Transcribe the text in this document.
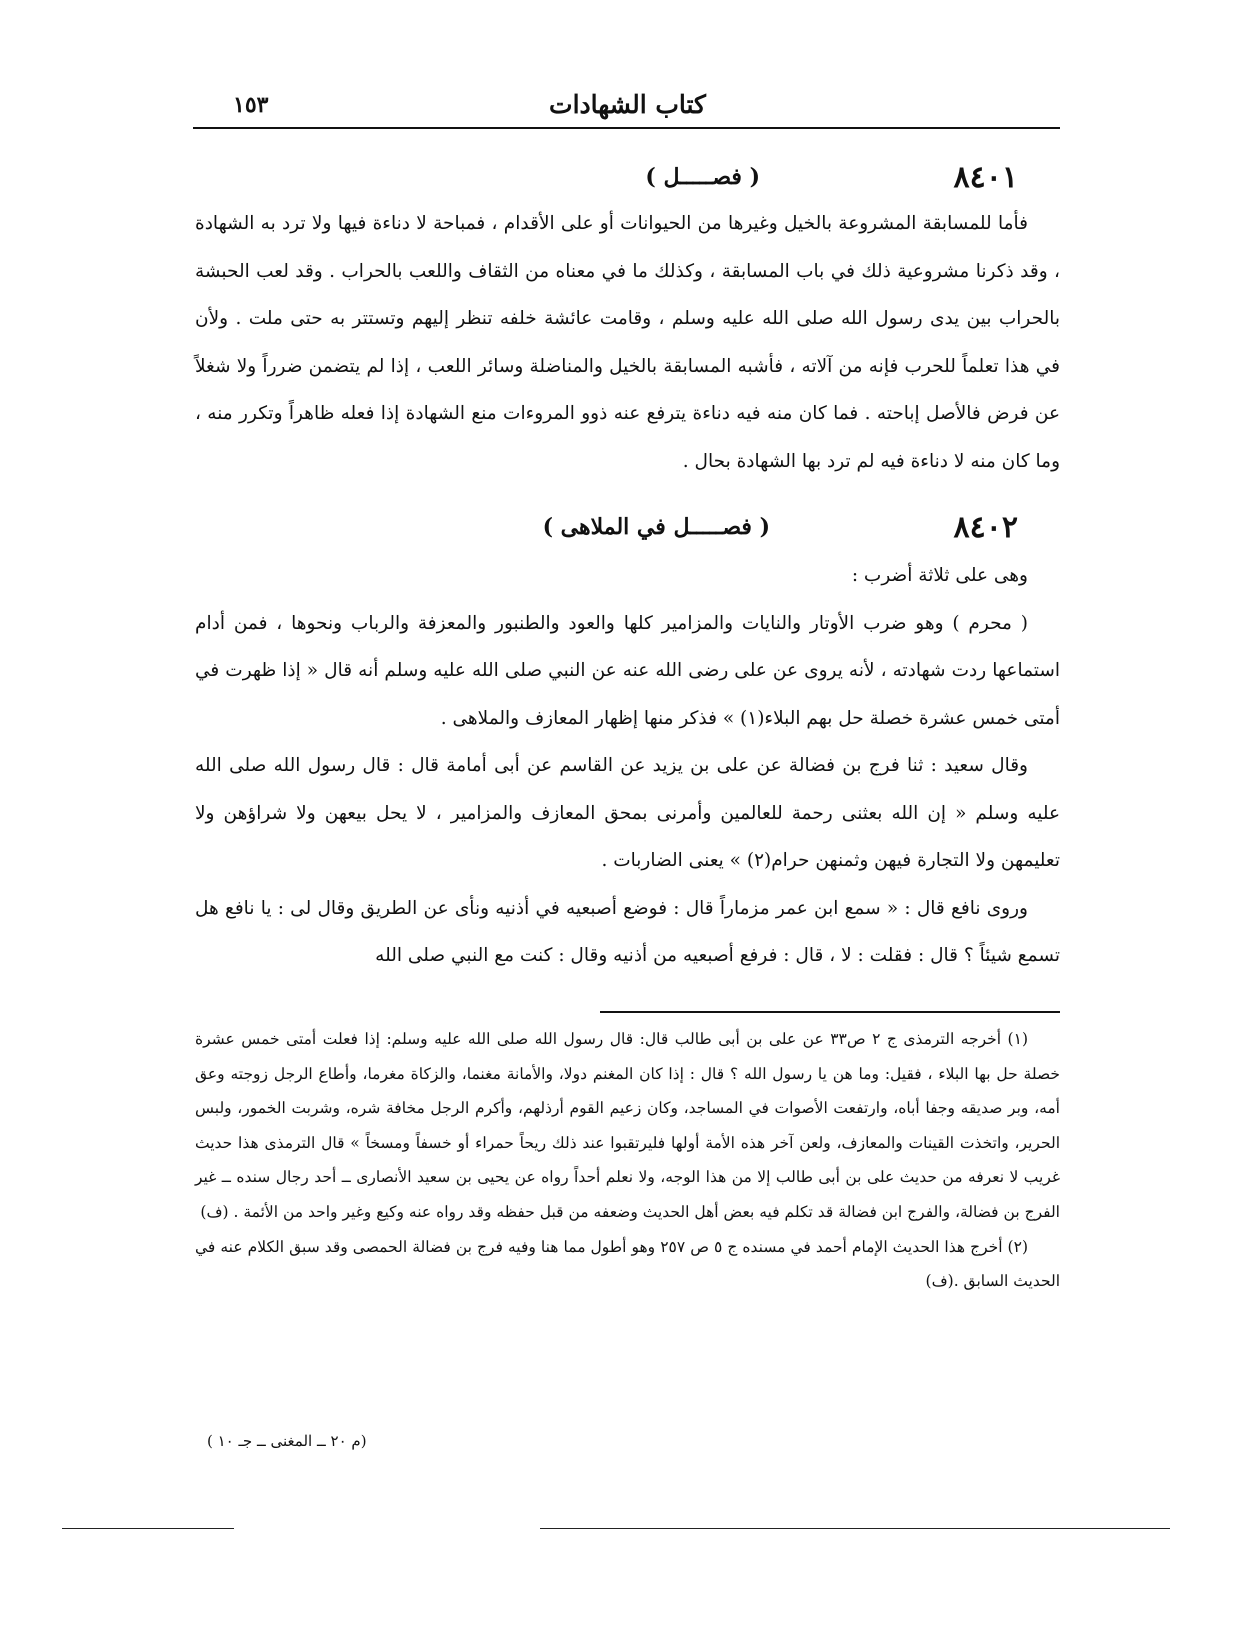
كتاب الشهادات
١٥٣
٨٤٠١
( فصـــــل )

فأما للمسابقة المشروعة بالخيل وغيرها من الحيوانات أو على الأقدام ، فمباحة لا دناءة فيها ولا ترد به الشهادة ، وقد ذكرنا مشروعية ذلك في باب المسابقة ، وكذلك ما في معناه من الثقاف واللعب بالحراب . وقد لعب الحبشة بالحراب بين يدى رسول الله صلى الله عليه وسلم ، وقامت عائشة خلفه تنظر إليهم وتستتر به حتى ملت . ولأن في هذا تعلماً للحرب فإنه من آلاته ، فأشبه المسابقة بالخيل والمناضلة وسائر اللعب ، إذا لم يتضمن ضرراً ولا شغلاً عن فرض فالأصل إباحته . فما كان منه فيه دناءة يترفع عنه ذوو المروءات منع الشهادة إذا فعله ظاهراً وتكرر منه ، وما كان منه لا دناءة فيه لم ترد بها الشهادة بحال .

٨٤٠٢
( فصـــــل في الملاهى )

وهى على ثلاثة أضرب :

( محرم ) وهو ضرب الأوتار والنايات والمزامير كلها والعود والطنبور والمعزفة والرباب ونحوها ، فمن أدام استماعها ردت شهادته ، لأنه يروى عن على رضى الله عنه عن النبي صلى الله عليه وسلم أنه قال « إذا ظهرت في أمتى خمس عشرة خصلة حل بهم البلاء(١) » فذكر منها إظهار المعازف والملاهى .

وقال سعيد : ثنا فرج بن فضالة عن على بن يزيد عن القاسم عن أبى أمامة قال : قال رسول الله صلى الله عليه وسلم « إن الله بعثنى رحمة للعالمين وأمرنى بمحق المعازف والمزامير ، لا يحل بيعهن ولا شراؤهن ولا تعليمهن ولا التجارة فيهن وثمنهن حرام(٢) » يعنى الضاربات .

وروى نافع قال : « سمع ابن عمر مزماراً قال : فوضع أصبعيه في أذنيه ونأى عن الطريق وقال لى : يا نافع هل تسمع شيئاً ؟ قال : فقلت : لا ، قال : فرفع أصبعيه من أذنيه وقال : كنت مع النبي صلى الله

(١) أخرجه الترمذى ج ٢ ص٣٣ عن على بن أبى طالب قال: قال رسول الله صلى الله عليه وسلم: إذا فعلت أمتى خمس عشرة خصلة حل بها البلاء ، فقيل: وما هن يا رسول الله ؟ قال : إذا كان المغنم دولا، والأمانة مغنما، والزكاة مغرما، وأطاع الرجل زوجته وعق أمه، وبر صديقه وجفا أباه، وارتفعت الأصوات في المساجد، وكان زعيم القوم أرذلهم، وأكرم الرجل مخافة شره، وشربت الخمور، ولبس الحرير، واتخذت القينات والمعازف، ولعن آخر هذه الأمة أولها فليرتقبوا عند ذلك ريحاً حمراء أو خسفاً ومسخاً » قال الترمذى هذا حديث غريب لا نعرفه من حديث على بن أبى طالب إلا من هذا الوجه، ولا نعلم أحداً رواه عن يحيى بن سعيد الأنصارى ــ أحد رجال سنده ــ غير الفرج بن فضالة، والفرج ابن فضالة قد تكلم فيه بعض أهل الحديث وضعفه من قبل حفظه وقد رواه عنه وكيع وغير واحد من الأئمة . (ف)

(٢) أخرج هذا الحديث الإمام أحمد في مسنده ج ٥ ص ٢٥٧ وهو أطول مما هنا وفيه فرج بن فضالة الحمصى وقد سبق الكلام عنه في الحديث السابق .(ف)

(م ٢٠ ــ المغنى ــ جـ ١٠ )
